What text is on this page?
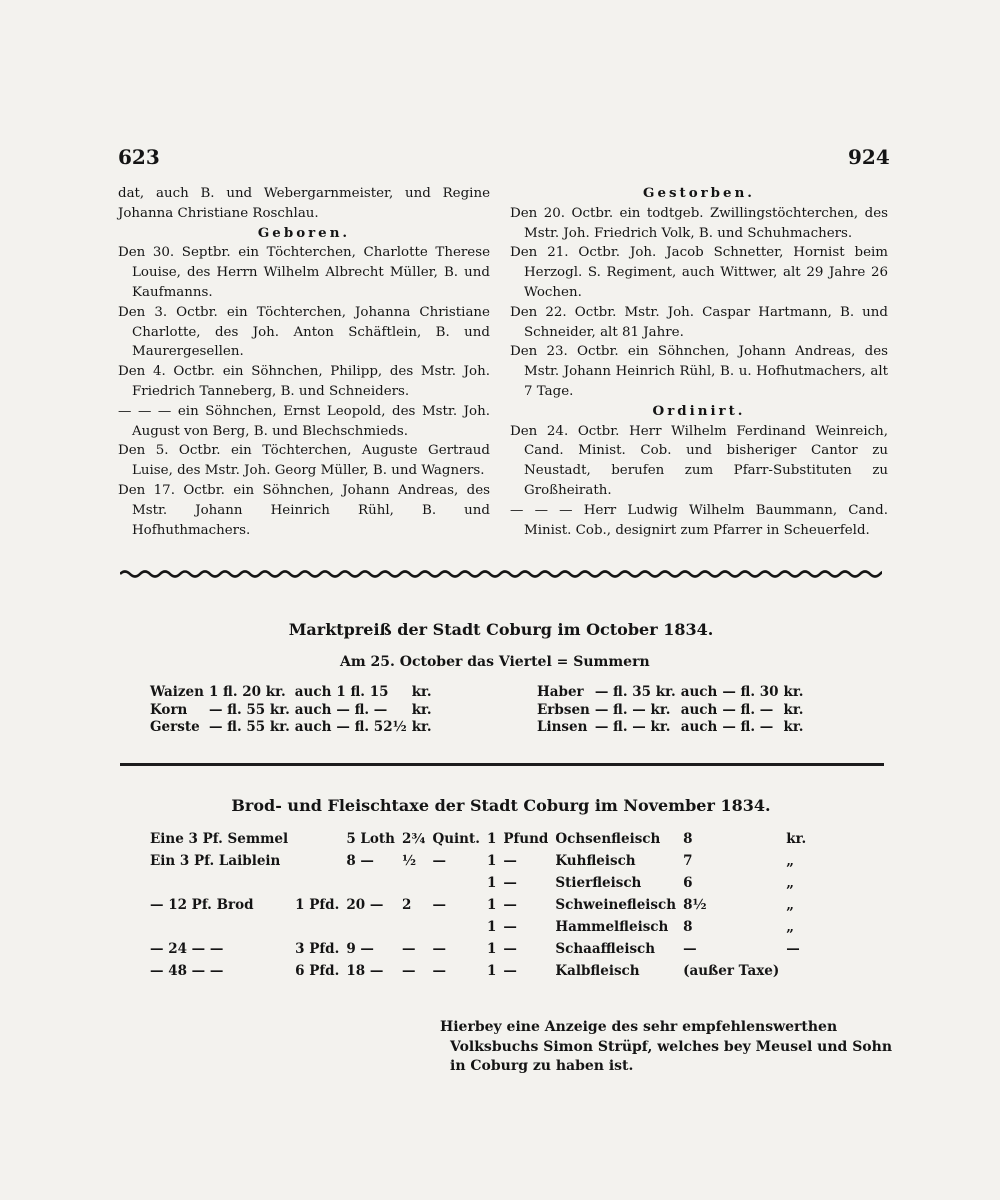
623	924

dat, auch B. und Webergarnmeister, und Regine Johanna Christiane Roschlau.

Geboren.

Den 30. Septbr. ein Töchterchen, Charlotte Therese Louise, des Herrn Wilhelm Albrecht Müller, B. und Kaufmanns.

Den 3. Octbr. ein Töchterchen, Johanna Christiane Charlotte, des Joh. Anton Schäftlein, B. und Maurergesellen.

Den 4. Octbr. ein Söhnchen, Philipp, des Mstr. Joh. Friedrich Tanneberg, B. und Schneiders.

— — — ein Söhnchen, Ernst Leopold, des Mstr. Joh. August von Berg, B. und Blechschmieds.

Den 5. Octbr. ein Töchterchen, Auguste Gertraud Luise, des Mstr. Joh. Georg Müller, B. und Wagners.

Den 17. Octbr. ein Söhnchen, Johann Andreas, des Mstr. Johann Heinrich Rühl, B. und Hofhuthmachers.

Gestorben.

Den 20. Octbr. ein todtgeb. Zwillingstöchterchen, des Mstr. Joh. Friedrich Volk, B. und Schuhmachers.

Den 21. Octbr. Joh. Jacob Schnetter, Hornist beim Herzogl. S. Regiment, auch Wittwer, alt 29 Jahre 26 Wochen.

Den 22. Octbr. Mstr. Joh. Caspar Hartmann, B. und Schneider, alt 81 Jahre.

Den 23. Octbr. ein Söhnchen, Johann Andreas, des Mstr. Johann Heinrich Rühl, B. u. Hofhutmachers, alt 7 Tage.

Ordinirt.

Den 24. Octbr. Herr Wilhelm Ferdinand Weinreich, Cand. Minist. Cob. und bisheriger Cantor zu Neustadt, berufen zum Pfarr-Substituten zu Großheirath.

— — — Herr Ludwig Wilhelm Baummann, Cand. Minist. Cob., designirt zum Pfarrer in Scheuerfeld.

Marktpreiß der Stadt Coburg im October 1834.
Am 25. October das Viertel = Summern
Waizen	1 fl. 20 kr.	auch	1 fl. 15	kr.
Korn	— fl. 55 kr.	auch	— fl. —	kr.
Gerste	— fl. 55 kr.	auch	— fl. 52½	kr.
Haber	— fl. 35 kr.	auch	— fl. 30	kr.
Erbsen	— fl. — kr.	auch	— fl. —	kr.
Linsen	— fl. — kr.	auch	— fl. —	kr.
Brod- und Fleischtaxe der Stadt Coburg im November 1834.
Eine 3 Pf. Semmel		5 Loth	2¾	Quint.	1	Pfund	Ochsenfleisch	8	kr.
Ein 3 Pf. Laiblein		8 —	½	—	1	—	Kuhfleisch	7	„
					1	—	Stierfleisch	6	„
— 12 Pf. Brod	1 Pfd.	20 —	2	—	1	—	Schweinefleisch	8½	„
					1	—	Hammelfleisch	8	„
— 24 — —	3 Pfd.	9 —	—	—	1	—	Schaaffleisch	—	—
— 48 — —	6 Pfd.	18 —	—	—	1	—	Kalbfleisch	(außer Taxe)	
Hierbey eine Anzeige des sehr empfehlenswerthen Volksbuchs Simon Strüpf, welches bey Meusel und Sohn in Coburg zu haben ist.
